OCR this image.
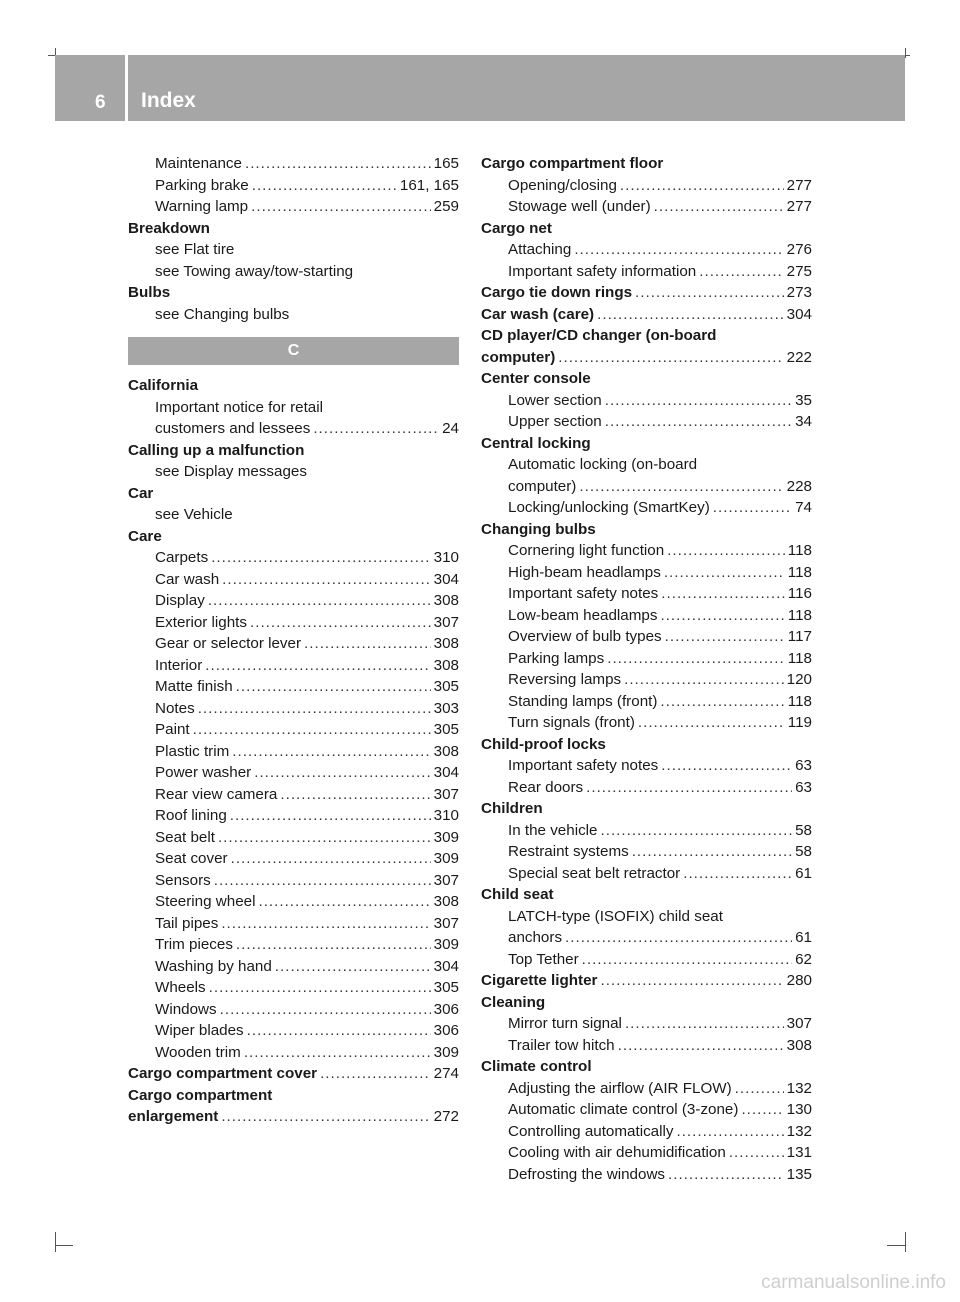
6 Index
Maintenance .....	165
Parking brake .....	161, 165
Warning lamp .....	259
Breakdown
see Flat tire
see Towing away/tow-starting
Bulbs
see Changing bulbs
C
California
Important notice for retail
customers and lessees .....	24
Calling up a malfunction
see Display messages
Car
see Vehicle
Care
Carpets .....	310
Car wash .....	304
Display .....	308
Exterior lights .....	307
Gear or selector lever .....	308
Interior .....	308
Matte finish .....	305
Notes .....	303
Paint .....	305
Plastic trim .....	308
Power washer .....	304
Rear view camera .....	307
Roof lining .....	310
Seat belt .....	309
Seat cover .....	309
Sensors .....	307
Steering wheel .....	308
Tail pipes .....	307
Trim pieces .....	309
Washing by hand .....	304
Wheels .....	305
Windows .....	306
Wiper blades .....	306
Wooden trim .....	309
Cargo compartment cover .....	274
Cargo compartment
enlargement .....	272
Cargo compartment floor
Opening/closing .....	277
Stowage well (under) .....	277
Cargo net
Attaching .....	276
Important safety information .....	275
Cargo tie down rings .....	273
Car wash (care) .....	304
CD player/CD changer (on-board
computer) .....	222
Center console
Lower section .....	35
Upper section .....	34
Central locking
Automatic locking (on-board
computer) .....	228
Locking/unlocking (SmartKey) .....	74
Changing bulbs
Cornering light function .....	118
High-beam headlamps .....	118
Important safety notes .....	116
Low-beam headlamps .....	118
Overview of bulb types .....	117
Parking lamps .....	118
Reversing lamps .....	120
Standing lamps (front) .....	118
Turn signals (front) .....	119
Child-proof locks
Important safety notes .....	63
Rear doors .....	63
Children
In the vehicle .....	58
Restraint systems .....	58
Special seat belt retractor .....	61
Child seat
LATCH-type (ISOFIX) child seat
anchors .....	61
Top Tether .....	62
Cigarette lighter .....	280
Cleaning
Mirror turn signal .....	307
Trailer tow hitch .....	308
Climate control
Adjusting the airflow (AIR FLOW) .....	132
Automatic climate control (3-zone) .....	130
Controlling automatically .....	132
Cooling with air dehumidification .....	131
Defrosting the windows .....	135
carmanualsonline.info
